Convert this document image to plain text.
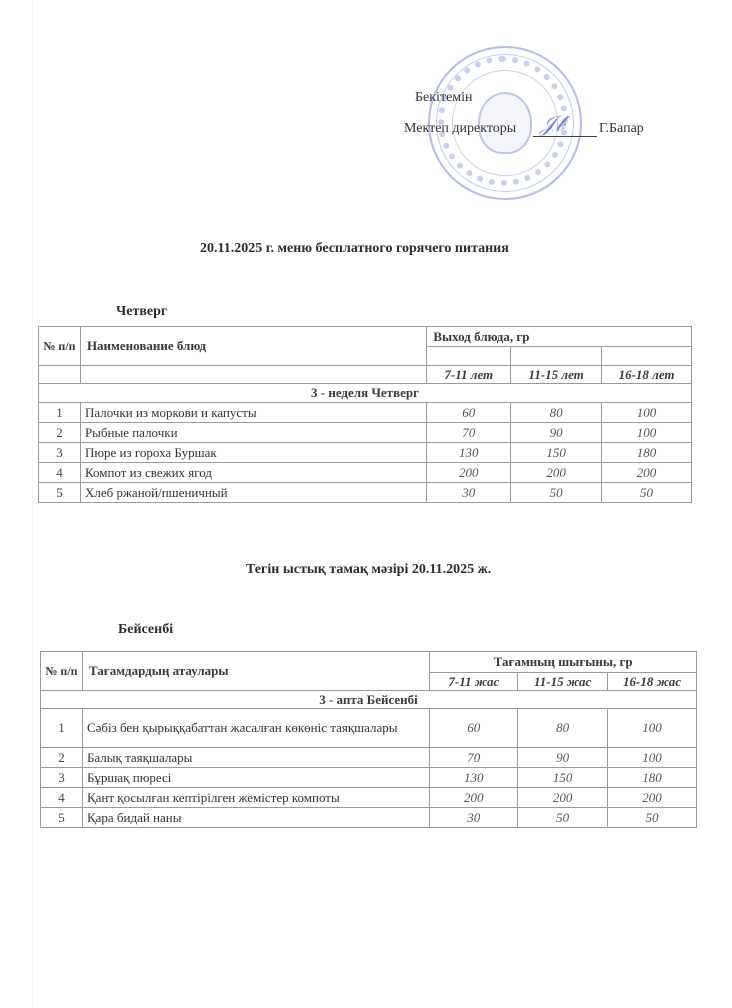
Бекітемін
Мектеп директоры 𝒥𝒷 Г.Бапар
20.11.2025 г. меню бесплатного горячего питания
Четверг
№ п/п	Наименование блюд	Выход блюда, гр		

		7-11 лет	11-15 лет	16-18 лет
3 - неделя Четверг				
1	Палочки из моркови и капусты	60	80	100
2	Рыбные палочки	70	90	100
3	Пюре из гороха Буршак	130	150	180
4	Компот из свежих ягод	200	200	200
5	Хлеб ржаной/пшеничный	30	50	50
Тегін ыстық тамақ мәзірі 20.11.2025 ж.
Бейсенбі
№ п/п	Тағамдардың атаулары	Тағамның шығыны, гр		
		7-11 жас	11-15 жас	16-18 жас
3 - апта Бейсенбі				
1	Сәбіз бен қырыққабаттан жасалған көкөніс таяқшалары	60	80	100
2	Балық таяқшалары	70	90	100
3	Бұршақ пюресі	130	150	180
4	Қант қосылған кептірілген жемістер компоты	200	200	200
5	Қара бидай наны	30	50	50
